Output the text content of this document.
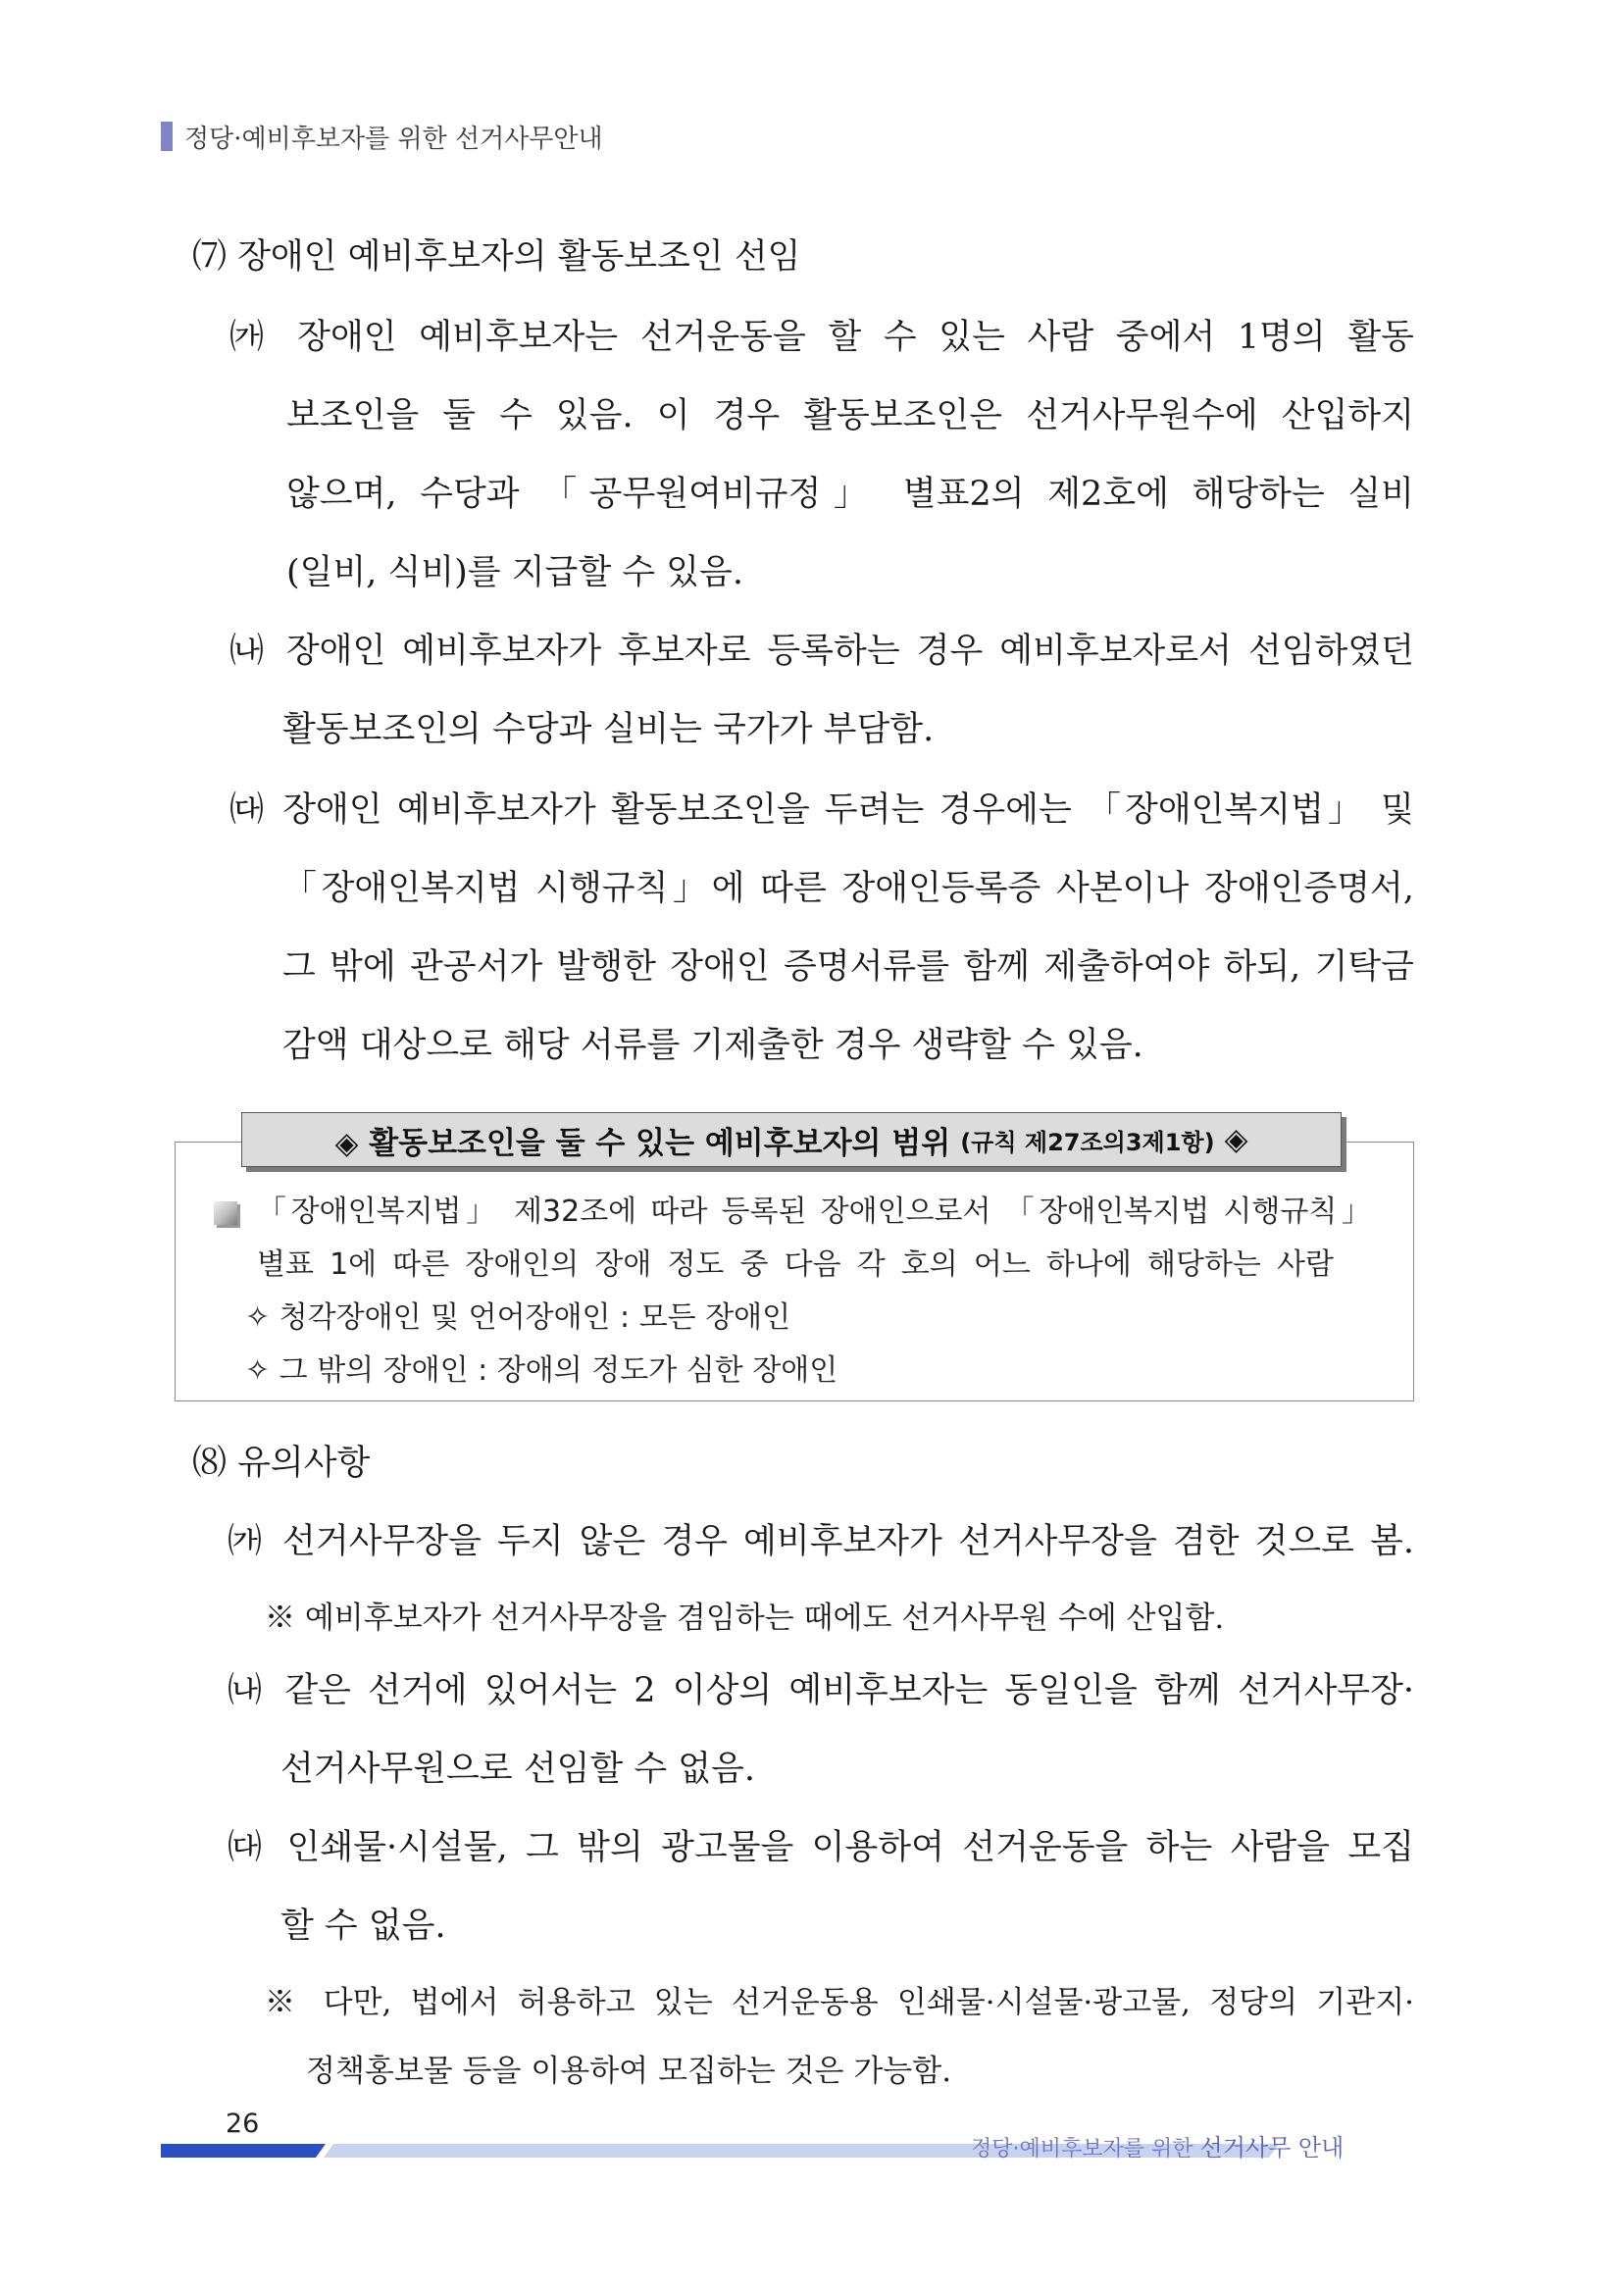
정당·예비후보자를 위한 선거사무안내
⑺ 장애인 예비후보자의 활동보조인 선임
㈎ 장애인 예비후보자는 선거운동을 할 수 있는 사람 중에서 1명의 활동
보조인을 둘 수 있음. 이 경우 활동보조인은 선거사무원수에 산입하지
않으며, 수당과 「공무원여비규정」 별표2의 제2호에 해당하는 실비
(일비, 식비)를 지급할 수 있음.
㈏ 장애인 예비후보자가 후보자로 등록하는 경우 예비후보자로서 선임하였던
활동보조인의 수당과 실비는 국가가 부담함.
㈐ 장애인 예비후보자가 활동보조인을 두려는 경우에는 「장애인복지법」 및
「장애인복지법 시행규칙」에 따른 장애인등록증 사본이나 장애인증명서,
그 밖에 관공서가 발행한 장애인 증명서류를 함께 제출하여야 하되, 기탁금
감액 대상으로 해당 서류를 기제출한 경우 생략할 수 있음.
◈ 활동보조인을 둘 수 있는 예비후보자의 범위 (규칙 제27조의3제1항) ◈
「장애인복지법」 제32조에 따라 등록된 장애인으로서 「장애인복지법 시행규칙」
별표 1에 따른 장애인의 장애 정도 중 다음 각 호의 어느 하나에 해당하는 사람
✧ 청각장애인 및 언어장애인 : 모든 장애인
✧ 그 밖의 장애인 : 장애의 정도가 심한 장애인
⑻ 유의사항
㈎ 선거사무장을 두지 않은 경우 예비후보자가 선거사무장을 겸한 것으로 봄.
※ 예비후보자가 선거사무장을 겸임하는 때에도 선거사무원 수에 산입함.
㈏ 같은 선거에 있어서는 2 이상의 예비후보자는 동일인을 함께 선거사무장·
선거사무원으로 선임할 수 없음.
㈐ 인쇄물·시설물, 그 밖의 광고물을 이용하여 선거운동을 하는 사람을 모집
할 수 없음.
※ 다만, 법에서 허용하고 있는 선거운동용 인쇄물·시설물·광고물, 정당의 기관지·
정책홍보물 등을 이용하여 모집하는 것은 가능함.
26
정당·예비후보자를 위한 선거사무 안내
